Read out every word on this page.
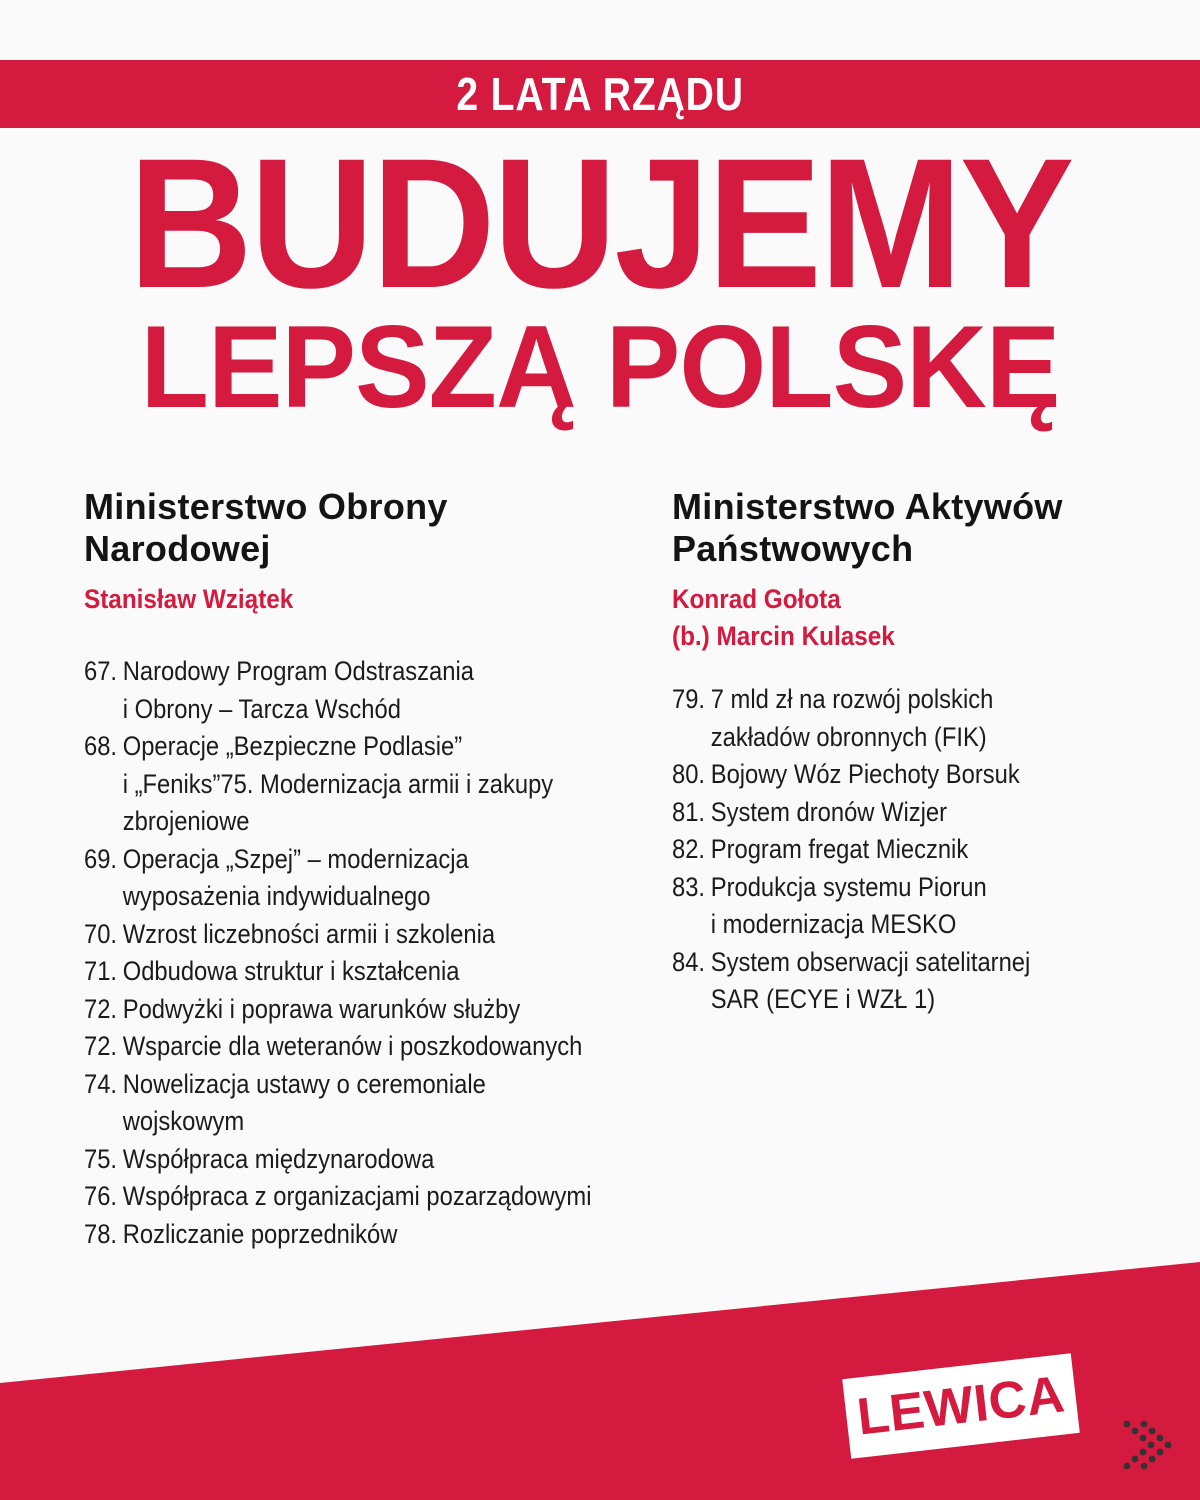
2 LATA RZĄDU
BUDUJEMY
LEPSZĄ POLSKĘ
Ministerstwo Obrony
Narodowej
Stanisław Wziątek
67. Narodowy Program Odstraszania
i Obrony – Tarcza Wschód
68. Operacje „Bezpieczne Podlasie”
i „Feniks”75. Modernizacja armii i zakupy
zbrojeniowe
69. Operacja „Szpej” – modernizacja
wyposażenia indywidualnego
70. Wzrost liczebności armii i szkolenia
71. Odbudowa struktur i kształcenia
72. Podwyżki i poprawa warunków służby
72. Wsparcie dla weteranów i poszkodowanych
74. Nowelizacja ustawy o ceremoniale
wojskowym
75. Współpraca międzynarodowa
76. Współpraca z organizacjami pozarządowymi
78. Rozliczanie poprzedników
Ministerstwo Aktywów
Państwowych
Konrad Gołota
(b.) Marcin Kulasek
79. 7 mld zł na rozwój polskich
zakładów obronnych (FIK)
80. Bojowy Wóz Piechoty Borsuk
81. System dronów Wizjer
82. Program fregat Miecznik
83. Produkcja systemu Piorun
i modernizacja MESKO
84. System obserwacji satelitarnej
SAR (ECYE i WZŁ 1)
LEWICA
